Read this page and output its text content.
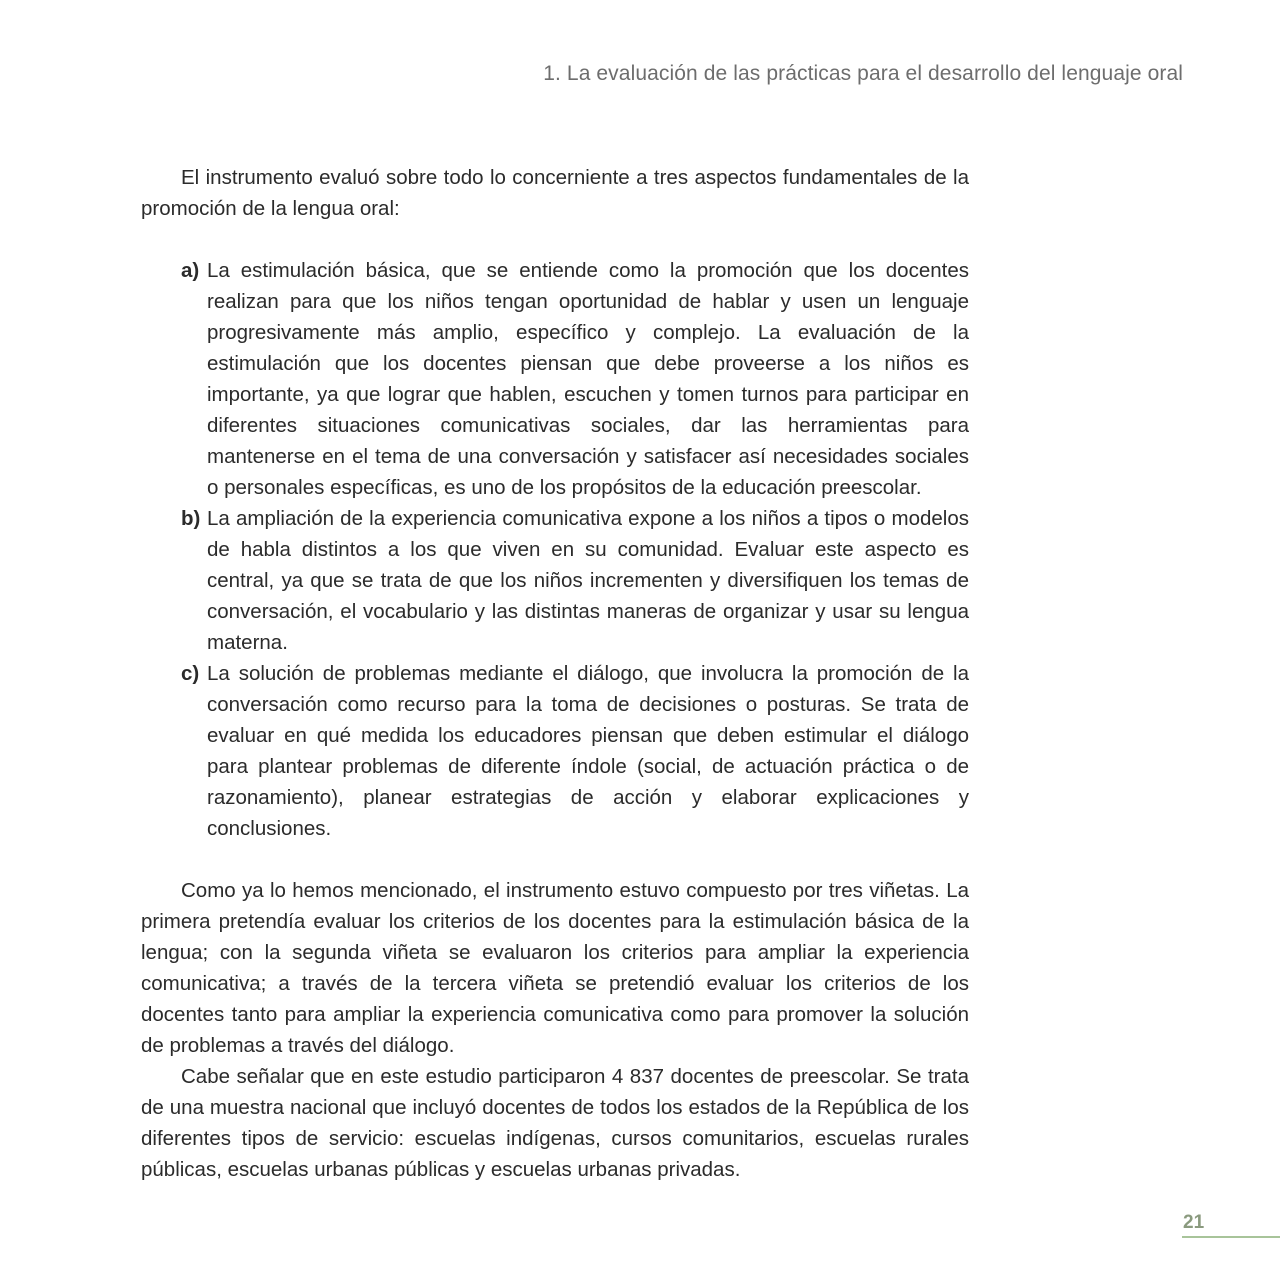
1. La evaluación de las prácticas para el desarrollo del lenguaje oral

El instrumento evaluó sobre todo lo concerniente a tres aspectos fundamentales de la promoción de la lengua oral:

a) La estimulación básica, que se entiende como la promoción que los docentes realizan para que los niños tengan oportunidad de hablar y usen un lenguaje progresivamente más amplio, específico y complejo. La evaluación de la estimulación que los docentes piensan que debe proveerse a los niños es importante, ya que lograr que hablen, escuchen y tomen turnos para participar en diferentes situaciones comunicativas sociales, dar las herramientas para mantenerse en el tema de una conversación y satisfacer así necesidades sociales o personales específicas, es uno de los propósitos de la educación preescolar.
b) La ampliación de la experiencia comunicativa expone a los niños a tipos o modelos de habla distintos a los que viven en su comunidad. Evaluar este aspecto es central, ya que se trata de que los niños incrementen y diversifiquen los temas de conversación, el vocabulario y las distintas maneras de organizar y usar su lengua materna.
c) La solución de problemas mediante el diálogo, que involucra la promoción de la conversación como recurso para la toma de decisiones o posturas. Se trata de evaluar en qué medida los educadores piensan que deben estimular el diálogo para plantear problemas de diferente índole (social, de actuación práctica o de razonamiento), planear estrategias de acción y elaborar explicaciones y conclusiones.

Como ya lo hemos mencionado, el instrumento estuvo compuesto por tres viñetas. La primera pretendía evaluar los criterios de los docentes para la estimulación básica de la lengua; con la segunda viñeta se evaluaron los criterios para ampliar la experiencia comunicativa; a través de la tercera viñeta se pretendió evaluar los criterios de los docentes tanto para ampliar la experiencia comunicativa como para promover la solución de problemas a través del diálogo.

Cabe señalar que en este estudio participaron 4 837 docentes de preescolar. Se trata de una muestra nacional que incluyó docentes de todos los estados de la República de los diferentes tipos de servicio: escuelas indígenas, cursos comunitarios, escuelas rurales públicas, escuelas urbanas públicas y escuelas urbanas privadas.

21
